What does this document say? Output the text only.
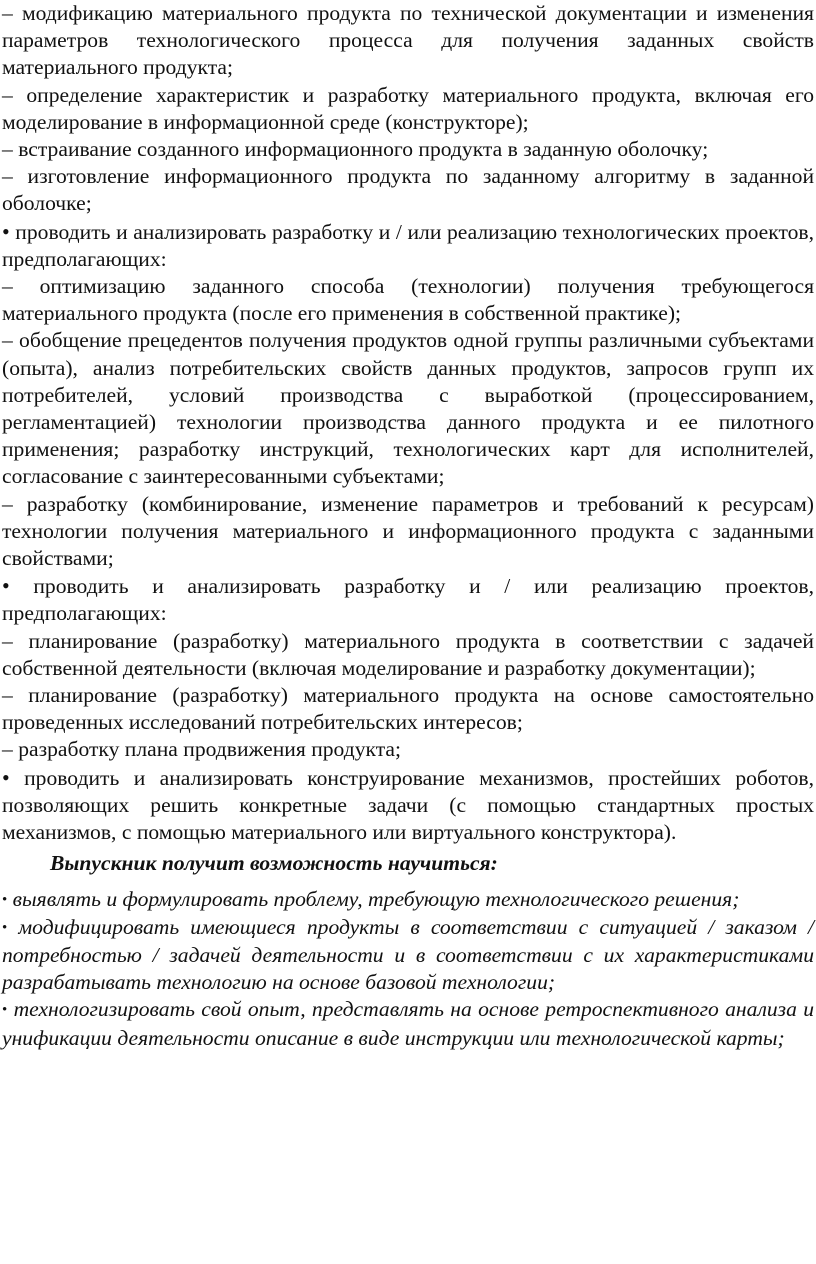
– модификацию материального продукта по технической документации и изменения параметров технологического процесса для получения заданных свойств материального продукта;

– определение характеристик и разработку материального продукта, включая его моделирование в информационной среде (конструкторе);

– встраивание созданного информационного продукта в заданную оболочку;

– изготовление информационного продукта по заданному алгоритму в заданной оболочке;

• проводить и анализировать разработку и / или реализацию технологических проектов, предполагающих:

– оптимизацию заданного способа (технологии) получения требующегося материального продукта (после его применения в собственной практике);

– обобщение прецедентов получения продуктов одной группы различными субъектами (опыта), анализ потребительских свойств данных продуктов, запросов групп их потребителей, условий производства с выработкой (процессированием, регламентацией) технологии производства данного продукта и ее пилотного применения; разработку инструкций, технологических карт для исполнителей, согласование с заинтересованными субъектами;

– разработку (комбинирование, изменение параметров и требований к ресурсам) технологии получения материального и информационного продукта с заданными свойствами;

• проводить и анализировать разработку и / или реализацию проектов, предполагающих:

– планирование (разработку) материального продукта в соответствии с задачей собственной деятельности (включая моделирование и разработку документации);

– планирование (разработку) материального продукта на основе самостоятельно проведенных исследований потребительских интересов;

– разработку плана продвижения продукта;

• проводить и анализировать конструирование механизмов, простейших роботов, позволяющих решить конкретные задачи (с помощью стандартных простых механизмов, с помощью материального или виртуального конструктора).

Выпускник получит возможность научиться:

• выявлять и формулировать проблему, требующую технологического решения;

• модифицировать имеющиеся продукты в соответствии с ситуацией / заказом / потребностью / задачей деятельности и в соответствии с их характеристиками разрабатывать технологию на основе базовой технологии;

• технологизировать свой опыт, представлять на основе ретроспективного анализа и унификации деятельности описание в виде инструкции или технологической карты;
